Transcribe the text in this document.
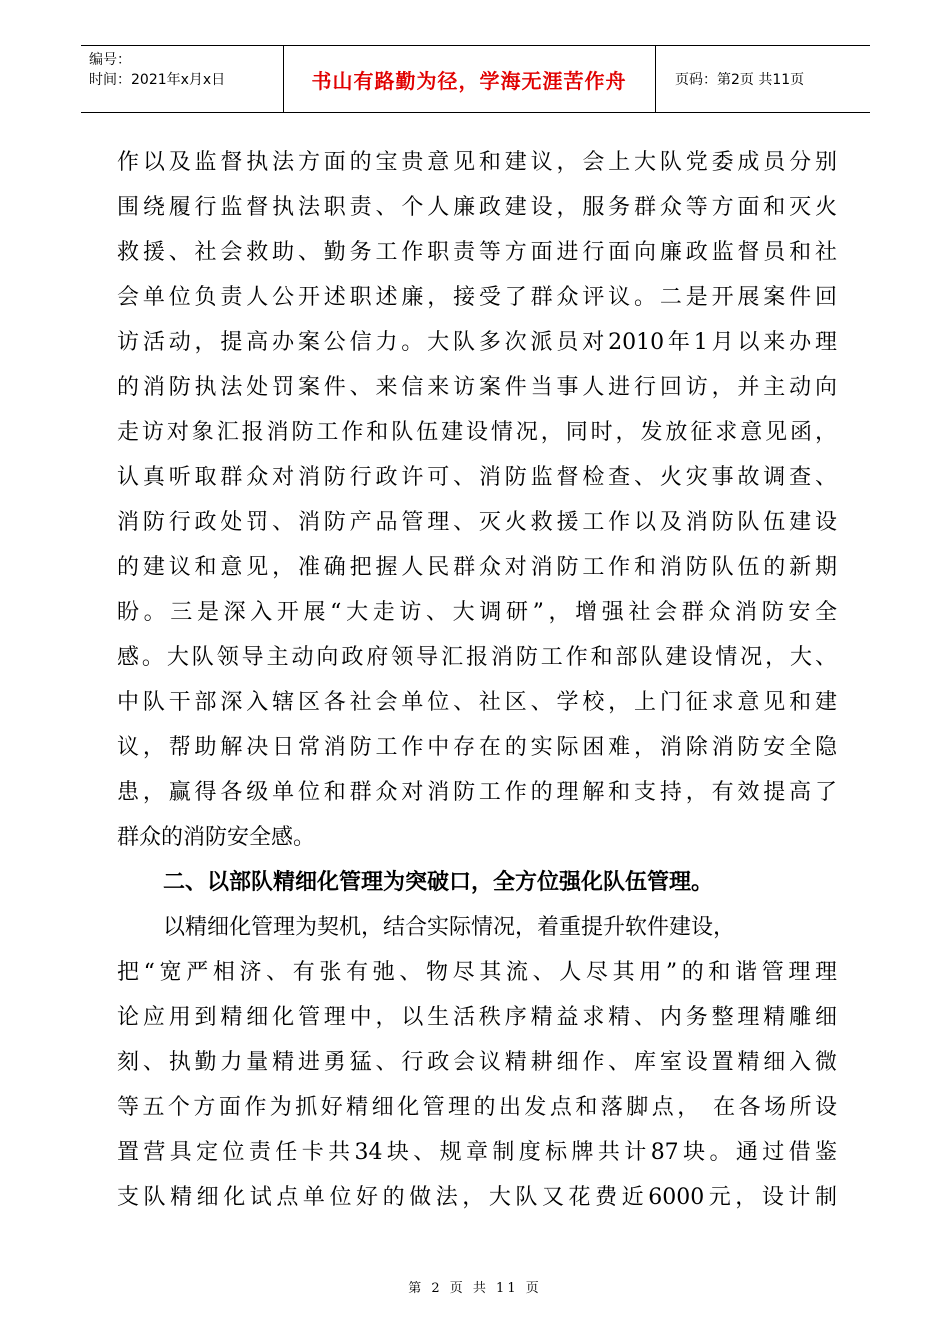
编号：
时间：2021年x月x日	书山有路勤为径，学海无涯苦作舟	页码：第2页 共11页
作以及监督执法方面的宝贵意见和建议，会上大队党委成员分别
围绕履行监督执法职责、个人廉政建设，服务群众等方面和灭火
救援、社会救助、勤务工作职责等方面进行面向廉政监督员和社
会单位负责人公开述职述廉，接受了群众评议。二是开展案件回
访活动，提高办案公信力。大队多次派员对2010年1月以来办理
的消防执法处罚案件、来信来访案件当事人进行回访，并主动向
走访对象汇报消防工作和队伍建设情况，同时，发放征求意见函，
认真听取群众对消防行政许可、消防监督检查、火灾事故调查、
消防行政处罚、消防产品管理、灭火救援工作以及消防队伍建设
的建议和意见，准确把握人民群众对消防工作和消防队伍的新期
盼。三是深入开展“大走访、大调研”，增强社会群众消防安全
感。大队领导主动向政府领导汇报消防工作和部队建设情况，大、
中队干部深入辖区各社会单位、社区、学校，上门征求意见和建
议，帮助解决日常消防工作中存在的实际困难，消除消防安全隐
患，赢得各级单位和群众对消防工作的理解和支持，有效提高了
群众的消防安全感。
二、以部队精细化管理为突破口，全方位强化队伍管理。
以精细化管理为契机，结合实际情况，着重提升软件建设，
把“宽严相济、有张有弛、物尽其流、人尽其用”的和谐管理理
论应用到精细化管理中，以生活秩序精益求精、内务整理精雕细
刻、执勤力量精进勇猛、行政会议精耕细作、库室设置精细入微
等五个方面作为抓好精细化管理的出发点和落脚点， 在各场所设
置营具定位责任卡共34块、规章制度标牌共计87块。通过借鉴
支队精细化试点单位好的做法，大队又花费近6000元，设计制
第 2 页 共 11 页
